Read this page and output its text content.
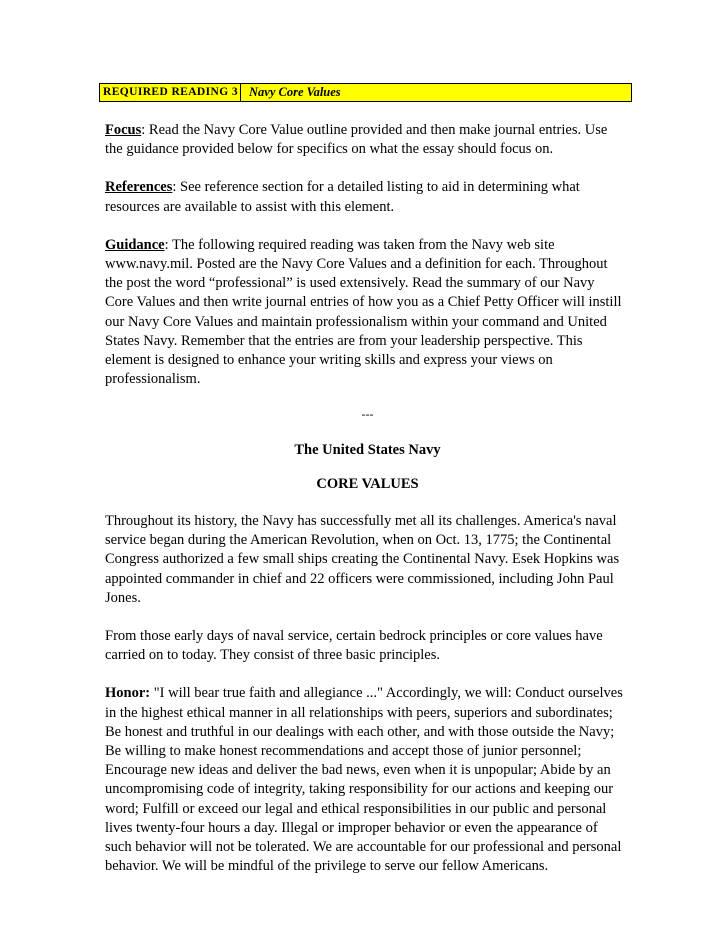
REQUIRED READING 3 Navy Core Values

Focus: Read the Navy Core Value outline provided and then make journal entries. Use
the guidance provided below for specifics on what the essay should focus on.

References: See reference section for a detailed listing to aid in determining what
resources are available to assist with this element.

Guidance: The following required reading was taken from the Navy web site
www.navy.mil. Posted are the Navy Core Values and a definition for each. Throughout
the post the word “professional” is used extensively. Read the summary of our Navy
Core Values and then write journal entries of how you as a Chief Petty Officer will instill
our Navy Core Values and maintain professionalism within your command and United
States Navy. Remember that the entries are from your leadership perspective. This
element is designed to enhance your writing skills and express your views on
professionalism.

---

The United States Navy

CORE VALUES

Throughout its history, the Navy has successfully met all its challenges. America's naval
service began during the American Revolution, when on Oct. 13, 1775; the Continental
Congress authorized a few small ships creating the Continental Navy. Esek Hopkins was
appointed commander in chief and 22 officers were commissioned, including John Paul
Jones.

From those early days of naval service, certain bedrock principles or core values have
carried on to today. They consist of three basic principles.

Honor: "I will bear true faith and allegiance ..." Accordingly, we will: Conduct ourselves
in the highest ethical manner in all relationships with peers, superiors and subordinates;
Be honest and truthful in our dealings with each other, and with those outside the Navy;
Be willing to make honest recommendations and accept those of junior personnel;
Encourage new ideas and deliver the bad news, even when it is unpopular; Abide by an
uncompromising code of integrity, taking responsibility for our actions and keeping our
word; Fulfill or exceed our legal and ethical responsibilities in our public and personal
lives twenty-four hours a day. Illegal or improper behavior or even the appearance of
such behavior will not be tolerated. We are accountable for our professional and personal
behavior. We will be mindful of the privilege to serve our fellow Americans.
